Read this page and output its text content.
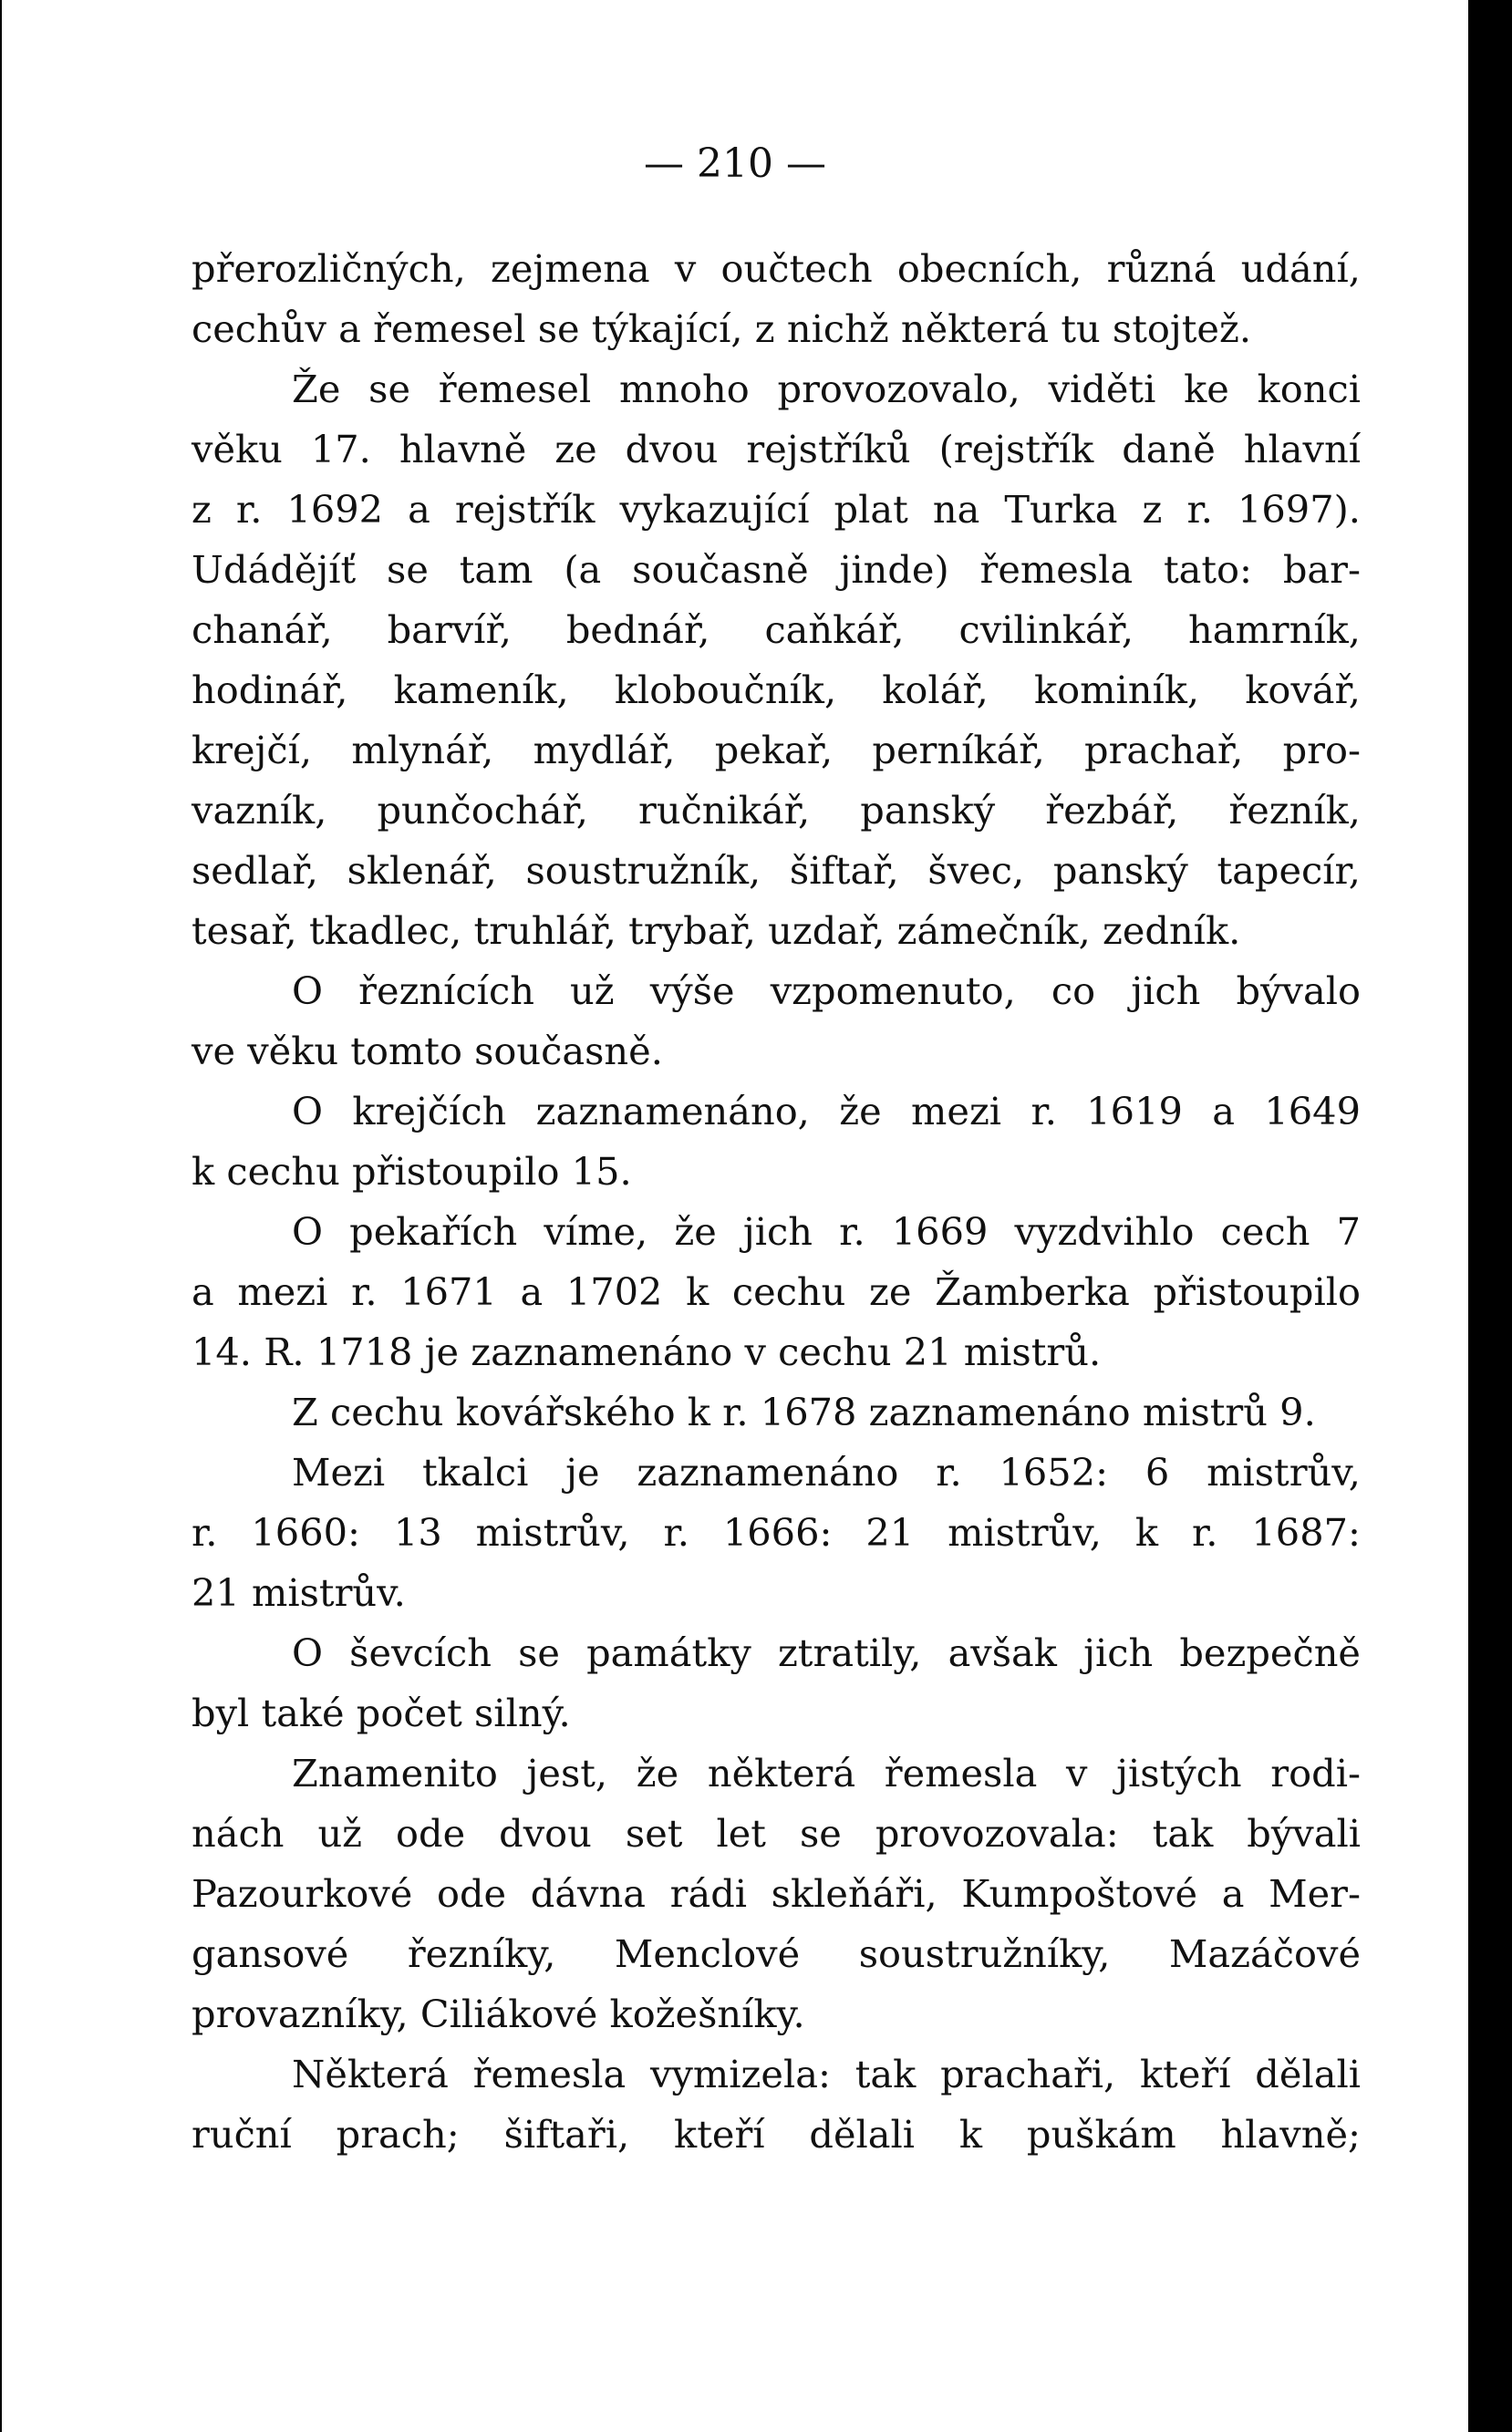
— 210 —
přerozličných, zejmena v oučtech obecních, různá udání,
cechův a řemesel se týkající, z nichž některá tu stojtež.
Že se řemesel mnoho provozovalo, viděti ke konci
věku 17. hlavně ze dvou rejstříků (rejstřík daně hlavní
z r. 1692 a rejstřík vykazující plat na Turka z r. 1697).
Udádějíť se tam (a současně jinde) řemesla tato: bar-
chanář, barvíř, bednář, caňkář, cvilinkář, hamrník,
hodinář, kameník, kloboučník, kolář, kominík, kovář,
krejčí, mlynář, mydlář, pekař, perníkář, prachař, pro-
vazník, punčochář, ručnikář, panský řezbář, řezník,
sedlař, sklenář, soustružník, šiftař, švec, panský tapecír,
tesař, tkadlec, truhlář, trybař, uzdař, zámečník, zedník.
O řeznících už výše vzpomenuto, co jich bývalo
ve věku tomto současně.
O krejčích zaznamenáno, že mezi r. 1619 a 1649
k cechu přistoupilo 15.
O pekařích víme, že jich r. 1669 vyzdvihlo cech 7
a mezi r. 1671 a 1702 k cechu ze Žamberka přistoupilo
14. R. 1718 je zaznamenáno v cechu 21 mistrů.
Z cechu kovářského k r. 1678 zaznamenáno mistrů 9.
Mezi tkalci je zaznamenáno r. 1652: 6 mistrův,
r. 1660: 13 mistrův, r. 1666: 21 mistrův, k r. 1687:
21 mistrův.
O ševcích se památky ztratily, avšak jich bezpečně
byl také počet silný.
Znamenito jest, že některá řemesla v jistých rodi-
nách už ode dvou set let se provozovala: tak bývali
Pazourkové ode dávna rádi skleňáři, Kumpoštové a Mer-
gansové řezníky, Menclové soustružníky, Mazáčové
provazníky, Ciliákové kožešníky.
Některá řemesla vymizela: tak prachaři, kteří dělali
ruční prach; šiftaři, kteří dělali k puškám hlavně;
